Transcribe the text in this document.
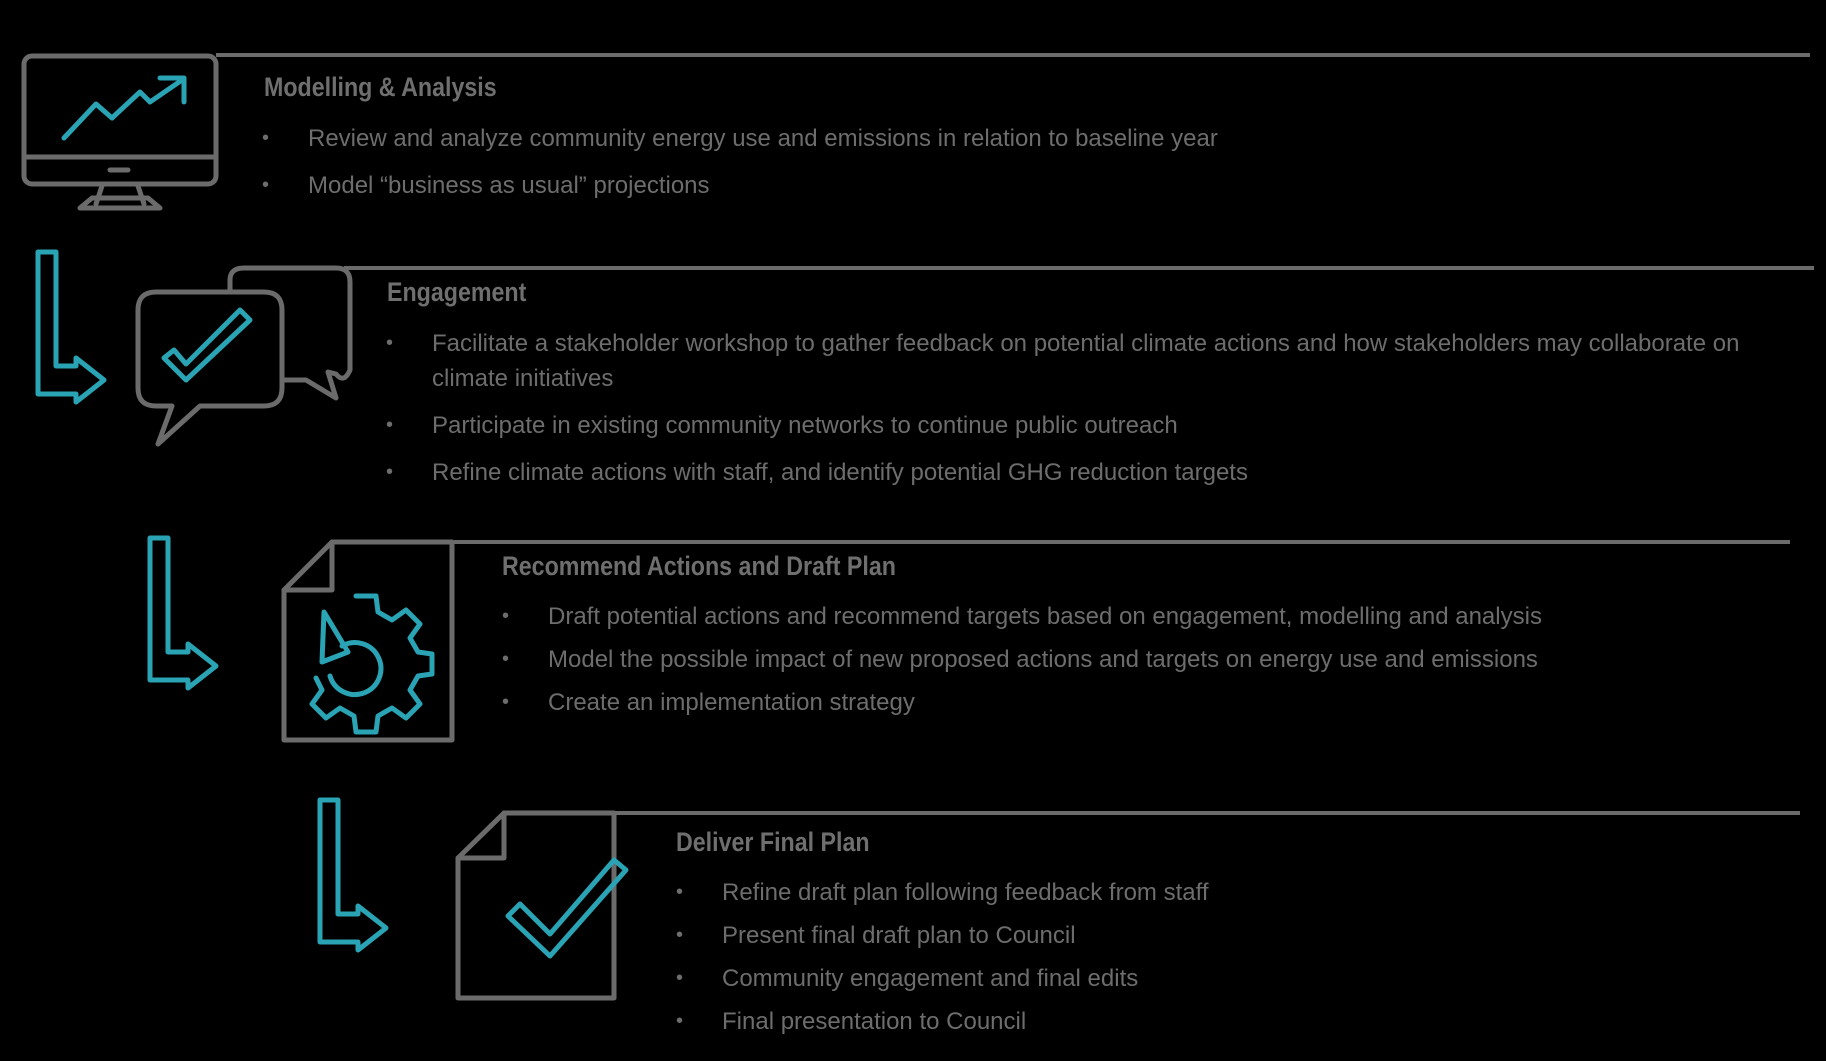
Modelling & Analysis
• Review and analyze community energy use and emissions in relation to baseline year
• Model “business as usual” projections
Engagement
• Facilitate a stakeholder workshop to gather feedback on potential climate actions and how stakeholders may collaborate on climate initiatives
• Participate in existing community networks to continue public outreach
• Refine climate actions with staff, and identify potential GHG reduction targets
Recommend Actions and Draft Plan
• Draft potential actions and recommend targets based on engagement, modelling and analysis
• Model the possible impact of new proposed actions and targets on energy use and emissions
• Create an implementation strategy
Deliver Final Plan
• Refine draft plan following feedback from staff
• Present final draft plan to Council
• Community engagement and final edits
• Final presentation to Council
